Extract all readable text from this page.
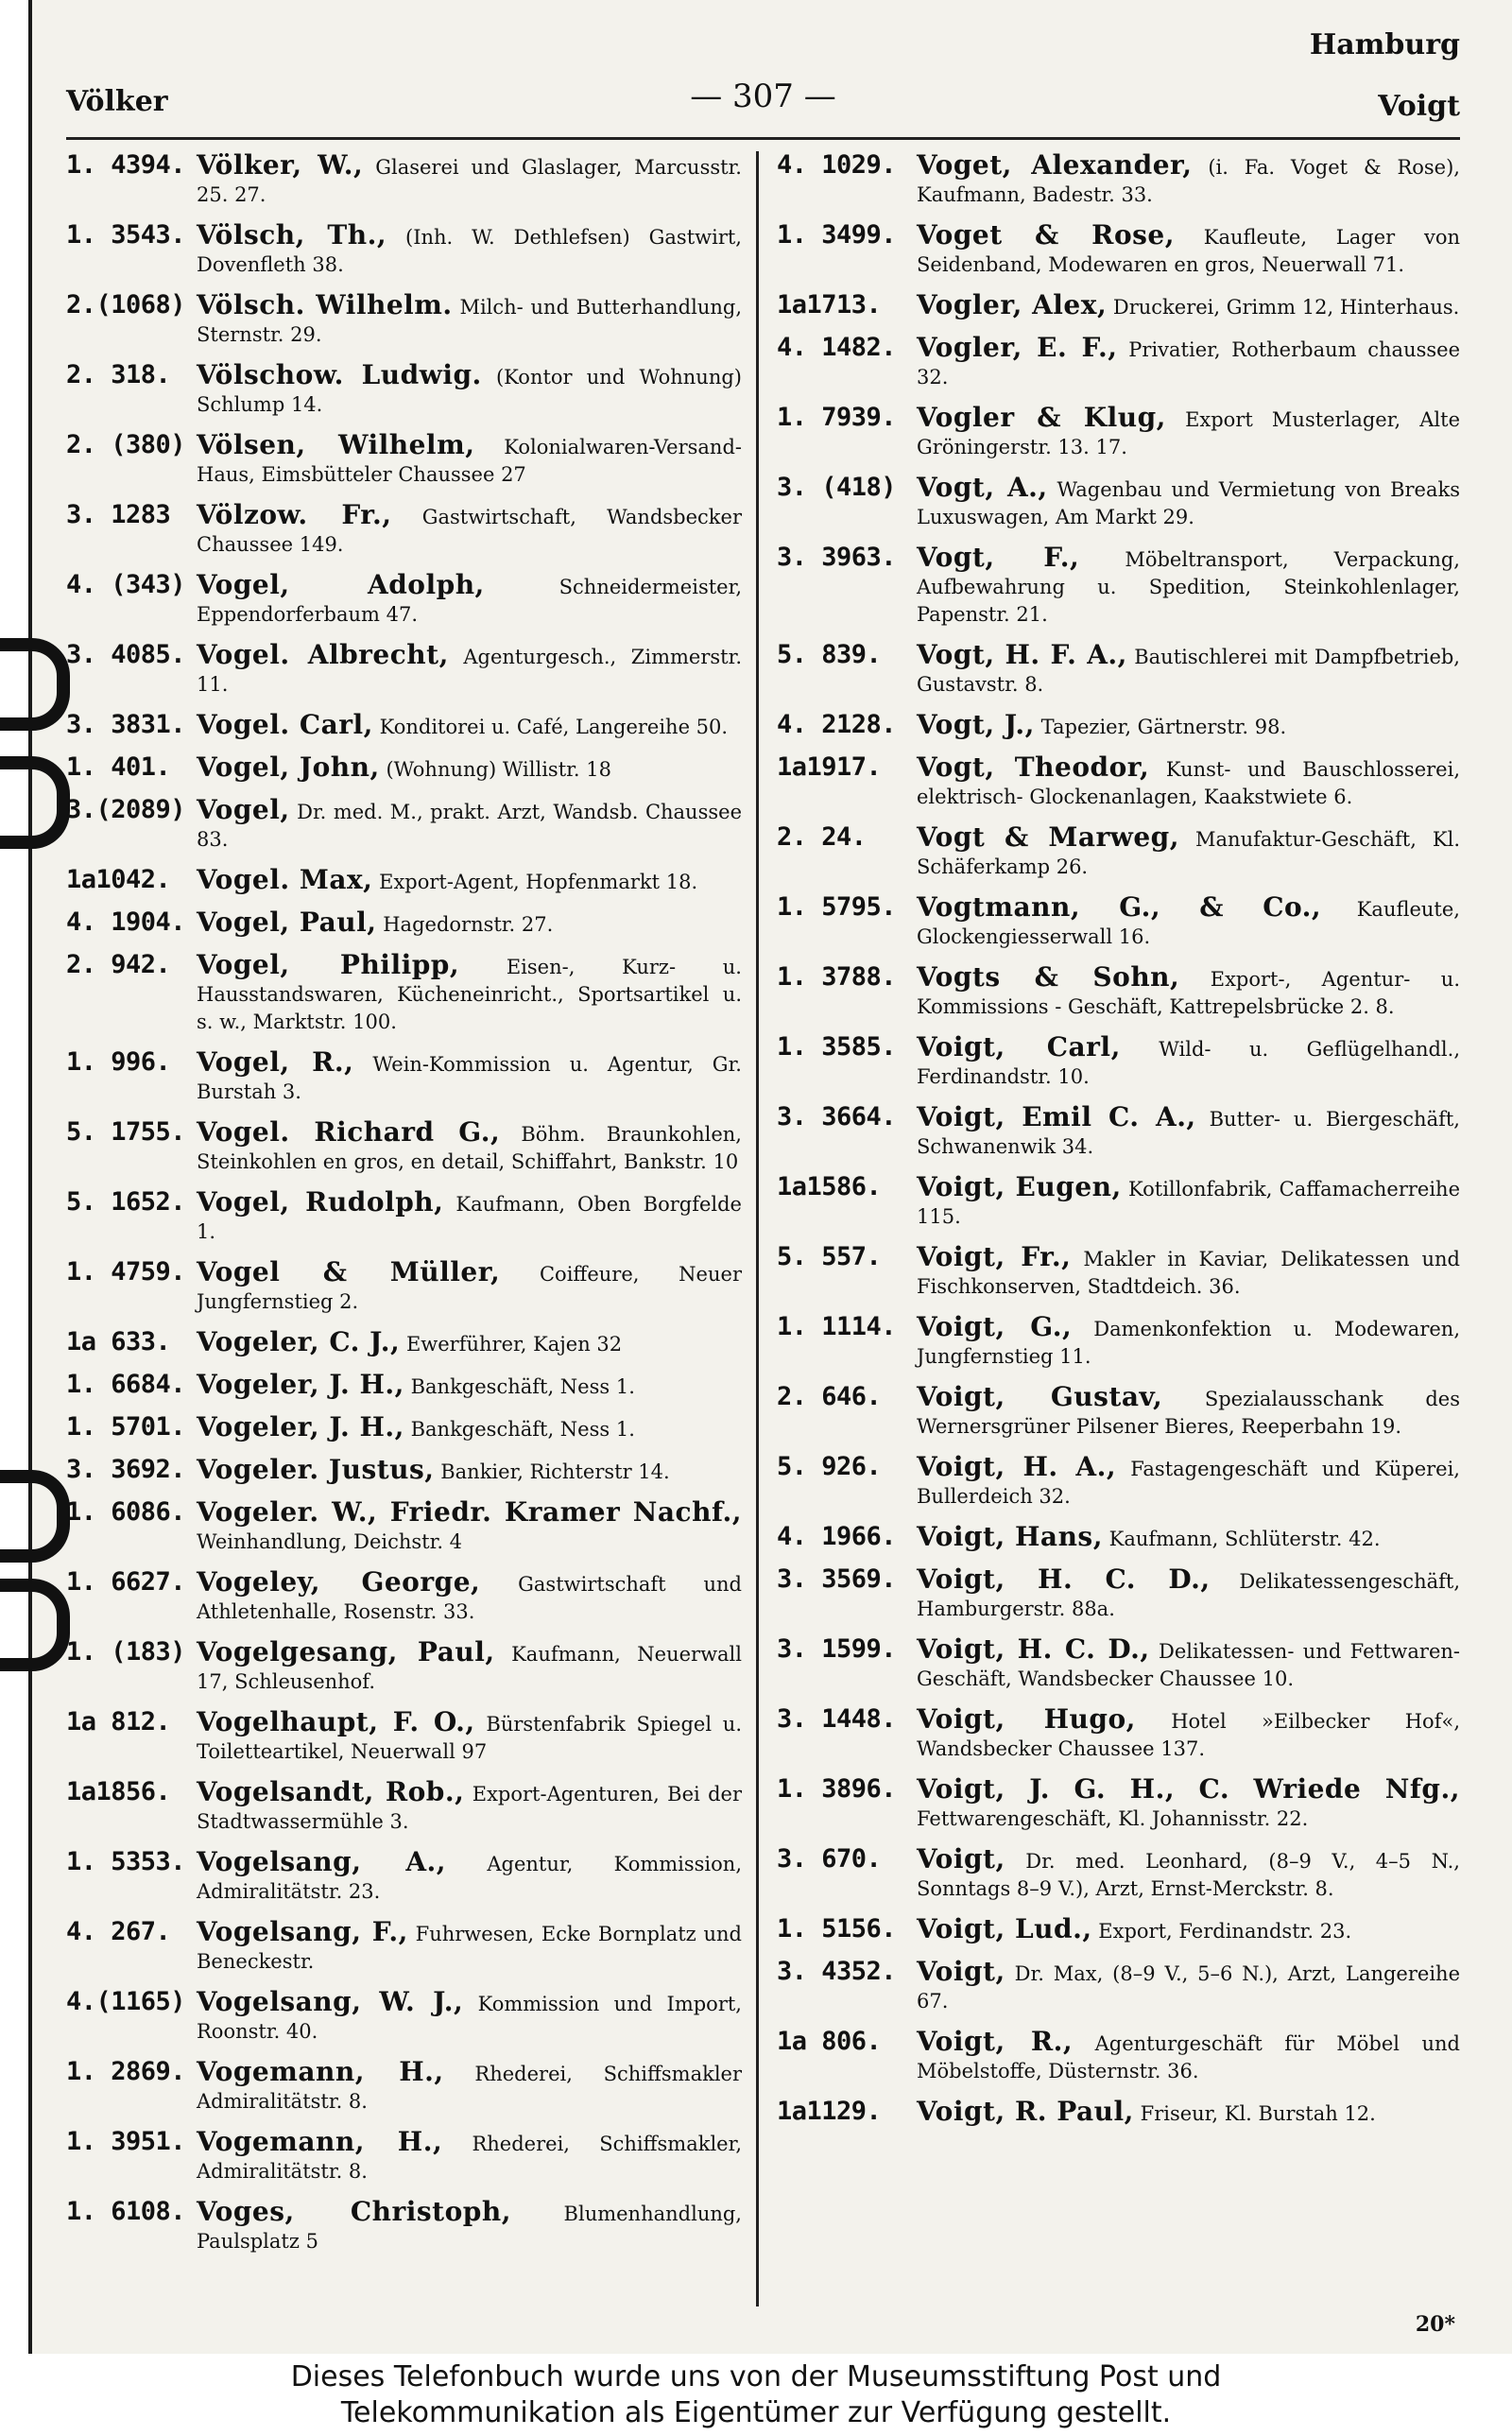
Hamburg
Völker	— 307 —	Voigt
1. 4394. Völker, W., Glaserei und Glaslager, Marcusstr. 25. 27.
1. 3543. Völsch, Th., (Inh. W. Dethlefsen) Gastwirt, Dovenfleth 38.
2.(1068) Völsch. Wilhelm. Milch- und Butterhandlung, Sternstr. 29.
2. 318. Völschow. Ludwig. (Kontor und Wohnung) Schlump 14.
2. (380) Völsen, Wilhelm, Kolonialwaren-Versand-Haus, Eimsbütteler Chaussee 27
3. 1283 Völzow. Fr., Gastwirtschaft, Wandsbecker Chaussee 149.
4. (343) Vogel, Adolph,	Schneidermeister, Eppendorferbaum 47.
3. 4085. Vogel. Albrecht, Agenturgesch., Zimmerstr. 11.
3. 3831. Vogel. Carl, Konditorei u. Café, Langereihe 50.
1. 401. Vogel, John, (Wohnung) Willistr. 18
3.(2089) Vogel, Dr. med. M., prakt. Arzt, Wandsb. Chaussee 83.
1a1042. Vogel. Max, Export-Agent, Hopfenmarkt 18.
4. 1904. Vogel, Paul, Hagedornstr. 27.
2. 942. Vogel, Philipp, Eisen-, Kurz- u. Hausstandswaren, Kücheneinricht., Sportsartikel u. s. w., Marktstr. 100.
1. 996. Vogel, R., Wein-Kommission u. Agentur, Gr. Burstah 3.
5. 1755. Vogel. Richard G., Böhm. Braunkohlen, Steinkohlen en gros, en detail, Schiffahrt, Bankstr. 10
5. 1652. Vogel, Rudolph, Kaufmann, Oben Borgfelde 1.
1. 4759. Vogel & Müller, Coiffeure, Neuer Jungfernstieg 2.
1a 633. Vogeler, C. J., Ewerführer, Kajen 32
1. 6684. Vogeler, J. H., Bankgeschäft, Ness 1.
1. 5701. Vogeler, J. H., Bankgeschäft, Ness 1.
3. 3692. Vogeler. Justus, Bankier, Richterstr 14.
1. 6086. Vogeler. W., Friedr. Kramer Nachf., Weinhandlung, Deichstr. 4
1. 6627. Vogeley, George, Gastwirtschaft und Athletenhalle, Rosenstr. 33.
1. (183) Vogelgesang, Paul, Kaufmann, Neuerwall 17, Schleusenhof.
1a 812. Vogelhaupt, F. O., Bürstenfabrik Spiegel u. Toiletteartikel, Neuerwall 97
1a1856. Vogelsandt, Rob., Export-Agenturen, Bei der Stadtwassermühle 3.
1. 5353. Vogelsang, A., Agentur, Kommission, Admiralitätstr. 23.
4. 267. Vogelsang, F., Fuhrwesen, Ecke Bornplatz und Beneckestr.
4.(1165) Vogelsang, W. J., Kommission und Import, Roonstr. 40.
1. 2869. Vogemann, H., Rhederei, Schiffsmakler Admiralitätstr. 8.
1. 3951. Vogemann, H., Rhederei, Schiffsmakler, Admiralitätstr. 8.
1. 6108. Voges, Christoph,	Blumenhandlung, Paulsplatz 5
4. 1029. Voget, Alexander, (i. Fa. Voget & Rose), Kaufmann, Badestr. 33.
1. 3499. Voget & Rose, Kaufleute, Lager von Seidenband, Modewaren en gros, Neuerwall 71.
1a1713.	Vogler, Alex, Druckerei, Grimm 12, Hinterhaus.
4. 1482. Vogler, E. F., Privatier, Rotherbaum chaussee 32.
1. 7939. Vogler & Klug, Export Musterlager, Alte Gröningerstr. 13. 17.
3. (418) Vogt, A., Wagenbau und Vermietung von Breaks Luxuswagen, Am Markt 29.
3. 3963. Vogt, F., Möbeltransport, Verpackung, Aufbewahrung u. Spedition, Steinkohlenlager, Papenstr. 21.
5. 839.	Vogt, H. F. A., Bautischlerei mit Dampfbetrieb, Gustavstr. 8.
4. 2128. Vogt, J., Tapezier, Gärtnerstr. 98.
1a1917.	Vogt, Theodor, Kunst- und Bauschlosserei, elektrisch- Glockenanlagen, Kaakstwiete 6.
2. 24.	Vogt & Marweg, Manufaktur-Geschäft, Kl. Schäferkamp 26.
1. 5795. Vogtmann, G., & Co., Kaufleute, Glockengiesserwall 16.
1. 3788. Vogts & Sohn, Export-, Agentur- u. Kommissions - Geschäft, Kattrepelsbrücke 2. 8.
1. 3585. Voigt, Carl, Wild- u. Geflügelhandl., Ferdinandstr. 10.
3. 3664. Voigt, Emil C. A., Butter- u. Biergeschäft, Schwanenwik 34.
1a1586.	Voigt, Eugen, Kotillonfabrik, Caffamacherreihe 115.
5. 557.	Voigt, Fr., Makler in Kaviar, Delikatessen und Fischkonserven, Stadtdeich. 36.
1. 1114. Voigt, G., Damenkonfektion u. Modewaren, Jungfernstieg 11.
2. 646.	Voigt, Gustav, Spezialausschank des Wernersgrüner Pilsener Bieres, Reeperbahn 19.
5. 926.	Voigt, H. A., Fastagengeschäft und Küperei, Bullerdeich 32.
4. 1966. Voigt, Hans, Kaufmann, Schlüterstr. 42.
3. 3569. Voigt, H. C. D., Delikatessengeschäft, Hamburgerstr. 88a.
3. 1599. Voigt, H. C. D., Delikatessen- und Fettwaren-Geschäft, Wandsbecker Chaussee 10.
3. 1448. Voigt, Hugo, Hotel »Eilbecker Hof«, Wandsbecker Chaussee 137.
1. 3896. Voigt, J. G. H., C. Wriede Nfg., Fettwarengeschäft, Kl. Johannisstr. 22.
3. 670.	Voigt, Dr. med. Leonhard, (8–9 V., 4–5 N., Sonntags 8–9 V.), Arzt, Ernst-Merckstr. 8.
1. 5156. Voigt, Lud., Export, Ferdinandstr. 23.
3. 4352. Voigt, Dr. Max, (8–9 V., 5–6 N.), Arzt, Langereihe 67.
1a 806.	Voigt, R., Agenturgeschäft für Möbel und Möbelstoffe, Düsternstr. 36.
1a1129.	Voigt, R. Paul, Friseur, Kl. Burstah 12.
20*
Dieses Telefonbuch wurde uns von der Museumsstiftung Post und
Telekommunikation als Eigentümer zur Verfügung gestellt.
